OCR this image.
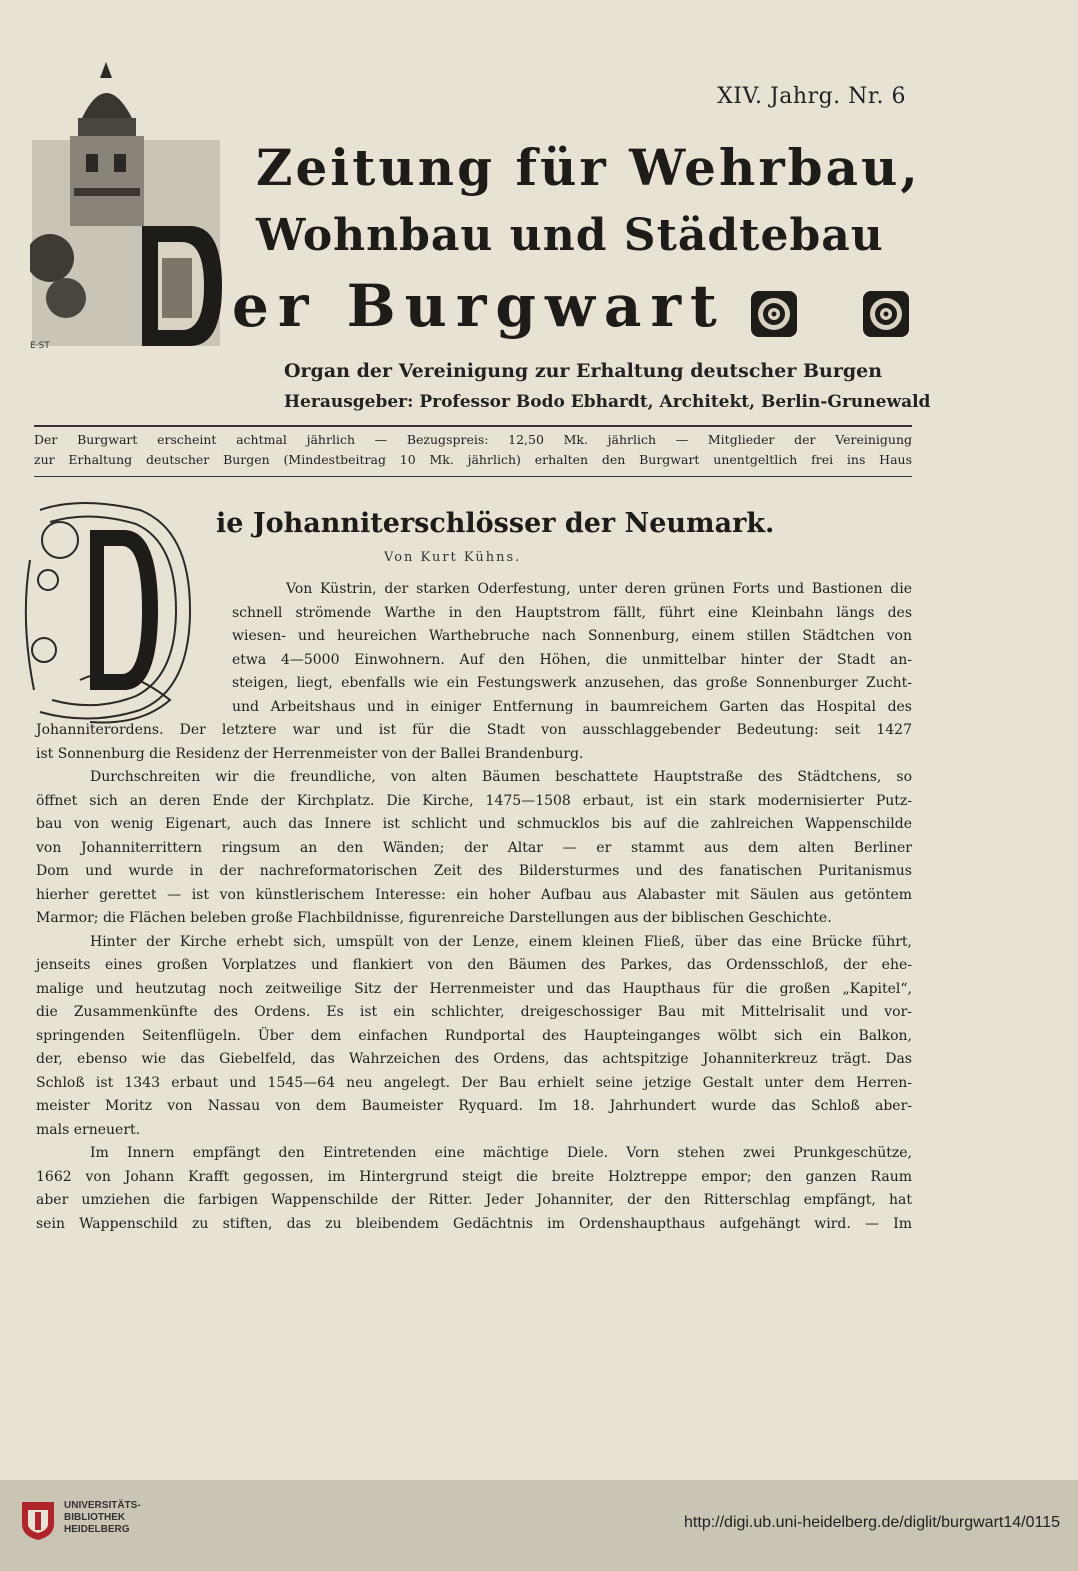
E·ST
XIV. Jahrg. Nr. 6
Zeitung für Wehrbau,
Wohnbau und Städtebau
er Burgwart
Organ der Vereinigung zur Erhaltung deutscher Burgen
Herausgeber: Professor Bodo Ebhardt, Architekt, Berlin-Grunewald
Der Burgwart erscheint achtmal jährlich — Bezugspreis: 12,50 Mk. jährlich — Mitglieder der Vereinigung
zur Erhaltung deutscher Burgen (Mindestbeitrag 10 Mk. jährlich) erhalten den Burgwart unentgeltlich frei ins Haus
ie Johanniterschlösser der Neumark.
Von Kurt Kühns.
Von Küstrin, der starken Oderfestung, unter deren grünen Forts und Bastionen die
schnell strömende Warthe in den Hauptstrom fällt, führt eine Kleinbahn längs des
wiesen- und heureichen Warthebruche nach Sonnenburg, einem stillen Städtchen von
etwa 4—5000 Einwohnern. Auf den Höhen, die unmittelbar hinter der Stadt an-
steigen, liegt, ebenfalls wie ein Festungswerk anzusehen, das große Sonnenburger Zucht-
und Arbeitshaus und in einiger Entfernung in baumreichem Garten das Hospital des
Johanniterordens. Der letztere war und ist für die Stadt von ausschlaggebender Bedeutung: seit 1427
ist Sonnenburg die Residenz der Herrenmeister von der Ballei Brandenburg.
Durchschreiten wir die freundliche, von alten Bäumen beschattete Hauptstraße des Städtchens, so
öffnet sich an deren Ende der Kirchplatz. Die Kirche, 1475—1508 erbaut, ist ein stark modernisierter Putz-
bau von wenig Eigenart, auch das Innere ist schlicht und schmucklos bis auf die zahlreichen Wappenschilde
von Johanniterrittern ringsum an den Wänden; der Altar — er stammt aus dem alten Berliner
Dom und wurde in der nachreformatorischen Zeit des Bildersturmes und des fanatischen Puritanismus
hierher gerettet — ist von künstlerischem Interesse: ein hoher Aufbau aus Alabaster mit Säulen aus getöntem
Marmor; die Flächen beleben große Flachbildnisse, figurenreiche Darstellungen aus der biblischen Geschichte.
Hinter der Kirche erhebt sich, umspült von der Lenze, einem kleinen Fließ, über das eine Brücke führt,
jenseits eines großen Vorplatzes und flankiert von den Bäumen des Parkes, das Ordensschloß, der ehe-
malige und heutzutag noch zeitweilige Sitz der Herrenmeister und das Haupthaus für die großen „Kapitel“,
die Zusammenkünfte des Ordens. Es ist ein schlichter, dreigeschossiger Bau mit Mittelrisalit und vor-
springenden Seitenflügeln. Über dem einfachen Rundportal des Haupteinganges wölbt sich ein Balkon,
der, ebenso wie das Giebelfeld, das Wahrzeichen des Ordens, das achtspitzige Johanniterkreuz trägt. Das
Schloß ist 1343 erbaut und 1545—64 neu angelegt. Der Bau erhielt seine jetzige Gestalt unter dem Herren-
meister Moritz von Nassau von dem Baumeister Ryquard. Im 18. Jahrhundert wurde das Schloß aber-
mals erneuert.
Im Innern empfängt den Eintretenden eine mächtige Diele. Vorn stehen zwei Prunkgeschütze,
1662 von Johann Krafft gegossen, im Hintergrund steigt die breite Holztreppe empor; den ganzen Raum
aber umziehen die farbigen Wappenschilde der Ritter. Jeder Johanniter, der den Ritterschlag empfängt, hat
sein Wappenschild zu stiften, das zu bleibendem Gedächtnis im Ordenshaupthaus aufgehängt wird. — Im
UNIVERSITÄTS-
BIBLIOTHEK
HEIDELBERG	http://digi.ub.uni-heidelberg.de/diglit/burgwart14/0115
